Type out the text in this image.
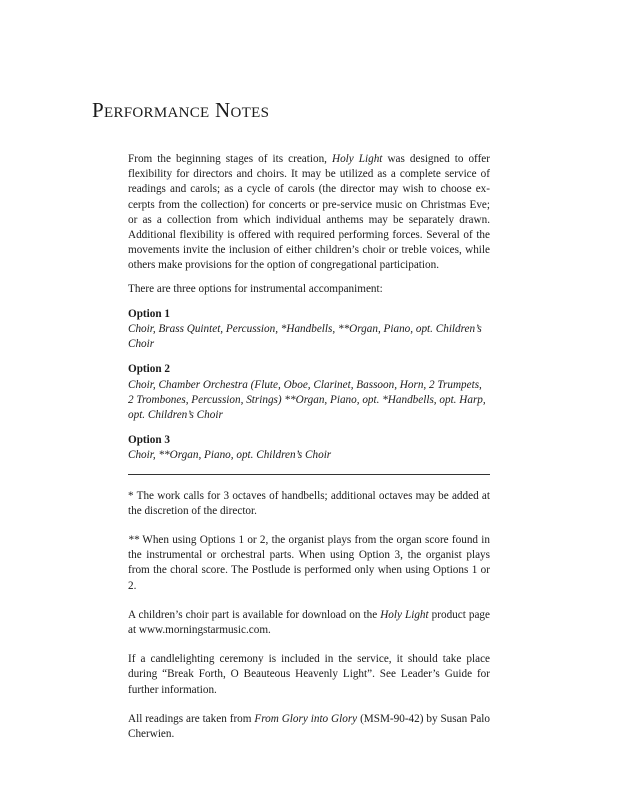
Performance Notes

From the beginning stages of its creation, Holy Light was designed to offer flexibility for directors and choirs. It may be utilized as a complete service of readings and carols; as a cycle of carols (the director may wish to choose ex-cerpts from the collection) for concerts or pre-service music on Christmas Eve; or as a collection from which individual anthems may be separately drawn. Additional flexibility is offered with required performing forces. Several of the movements invite the inclusion of either children’s choir or treble voices, while others make provisions for the option of congregational participation.

There are three options for instrumental accompaniment:

Option 1
Choir, Brass Quintet, Percussion, *Handbells, **Organ, Piano, opt. Children’s Choir
Option 2
Choir, Chamber Orchestra (Flute, Oboe, Clarinet, Bassoon, Horn, 2 Trumpets, 2 Trombones, Percussion, Strings) **Organ, Piano, opt. *Handbells, opt. Harp, opt. Children’s Choir
Option 3
Choir, **Organ, Piano, opt. Children’s Choir

* The work calls for 3 octaves of handbells; additional octaves may be added at the discretion of the director.

** When using Options 1 or 2, the organist plays from the organ score found in the instrumental or orchestral parts. When using Option 3, the organist plays from the choral score. The Postlude is performed only when using Options 1 or 2.

A children’s choir part is available for download on the Holy Light product page at www.morningstarmusic.com.

If a candlelighting ceremony is included in the service, it should take place during “Break Forth, O Beauteous Heavenly Light”. See Leader’s Guide for further information.

All readings are taken from From Glory into Glory (MSM-90-42) by Susan Palo Cherwien.
